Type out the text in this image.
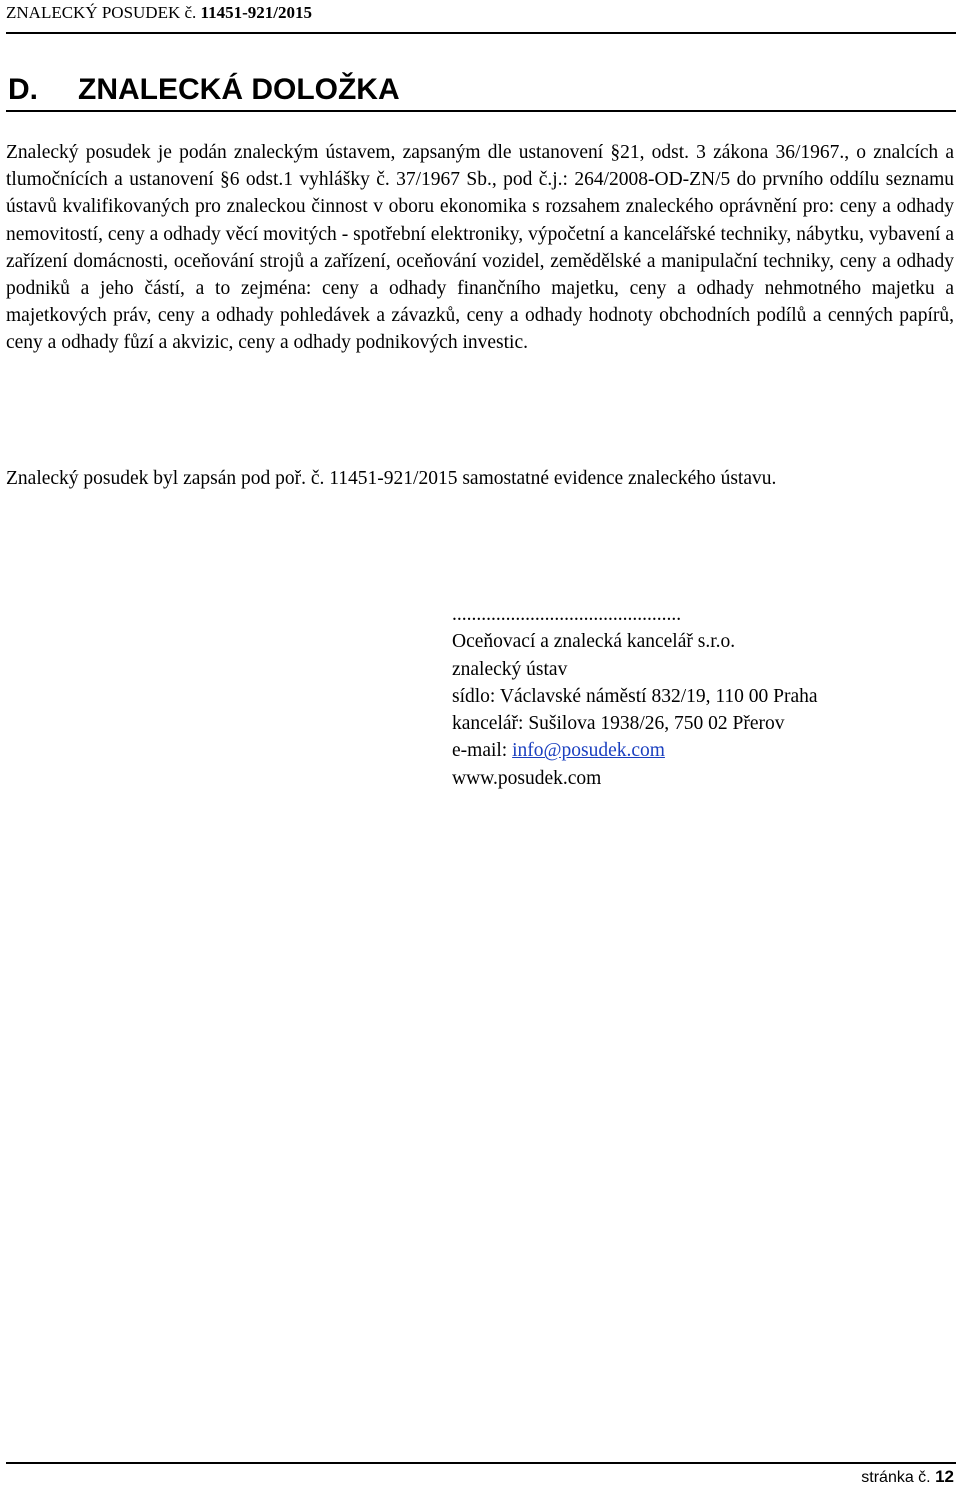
ZNALECKÝ POSUDEK č. 11451-921/2015
D. ZNALECKÁ DOLOŽKA

Znalecký posudek je podán znaleckým ústavem, zapsaným dle ustanovení §21, odst. 3 zákona 36/1967., o znalcích a tlumočnících a ustanovení §6 odst.1 vyhlášky č. 37/1967 Sb., pod č.j.: 264/2008-OD-ZN/5 do prvního oddílu seznamu ústavů kvalifikovaných pro znaleckou činnost v oboru ekonomika s rozsahem znaleckého oprávnění pro: ceny a odhady nemovitostí, ceny a odhady věcí movitých - spotřební elektroniky, výpočetní a kancelářské techniky, nábytku, vybavení a zařízení domácnosti, oceňování strojů a zařízení, oceňování vozidel, zemědělské a manipulační techniky, ceny a odhady podniků a jeho částí, a to zejména: ceny a odhady finančního majetku, ceny a odhady nehmotného majetku a majetkových práv, ceny a odhady pohledávek a závazků, ceny a odhady hodnoty obchodních podílů a cenných papírů, ceny a odhady fůzí a akvizic, ceny a odhady podnikových investic.

Znalecký posudek byl zapsán pod poř. č. 11451-921/2015 samostatné evidence znaleckého ústavu.

...............................................
Oceňovací a znalecká kancelář s.r.o.
znalecký ústav
sídlo: Václavské náměstí 832/19, 110 00 Praha
kancelář: Sušilova 1938/26, 750 02 Přerov
e-mail: info@posudek.com
www.posudek.com
stránka č. 12
